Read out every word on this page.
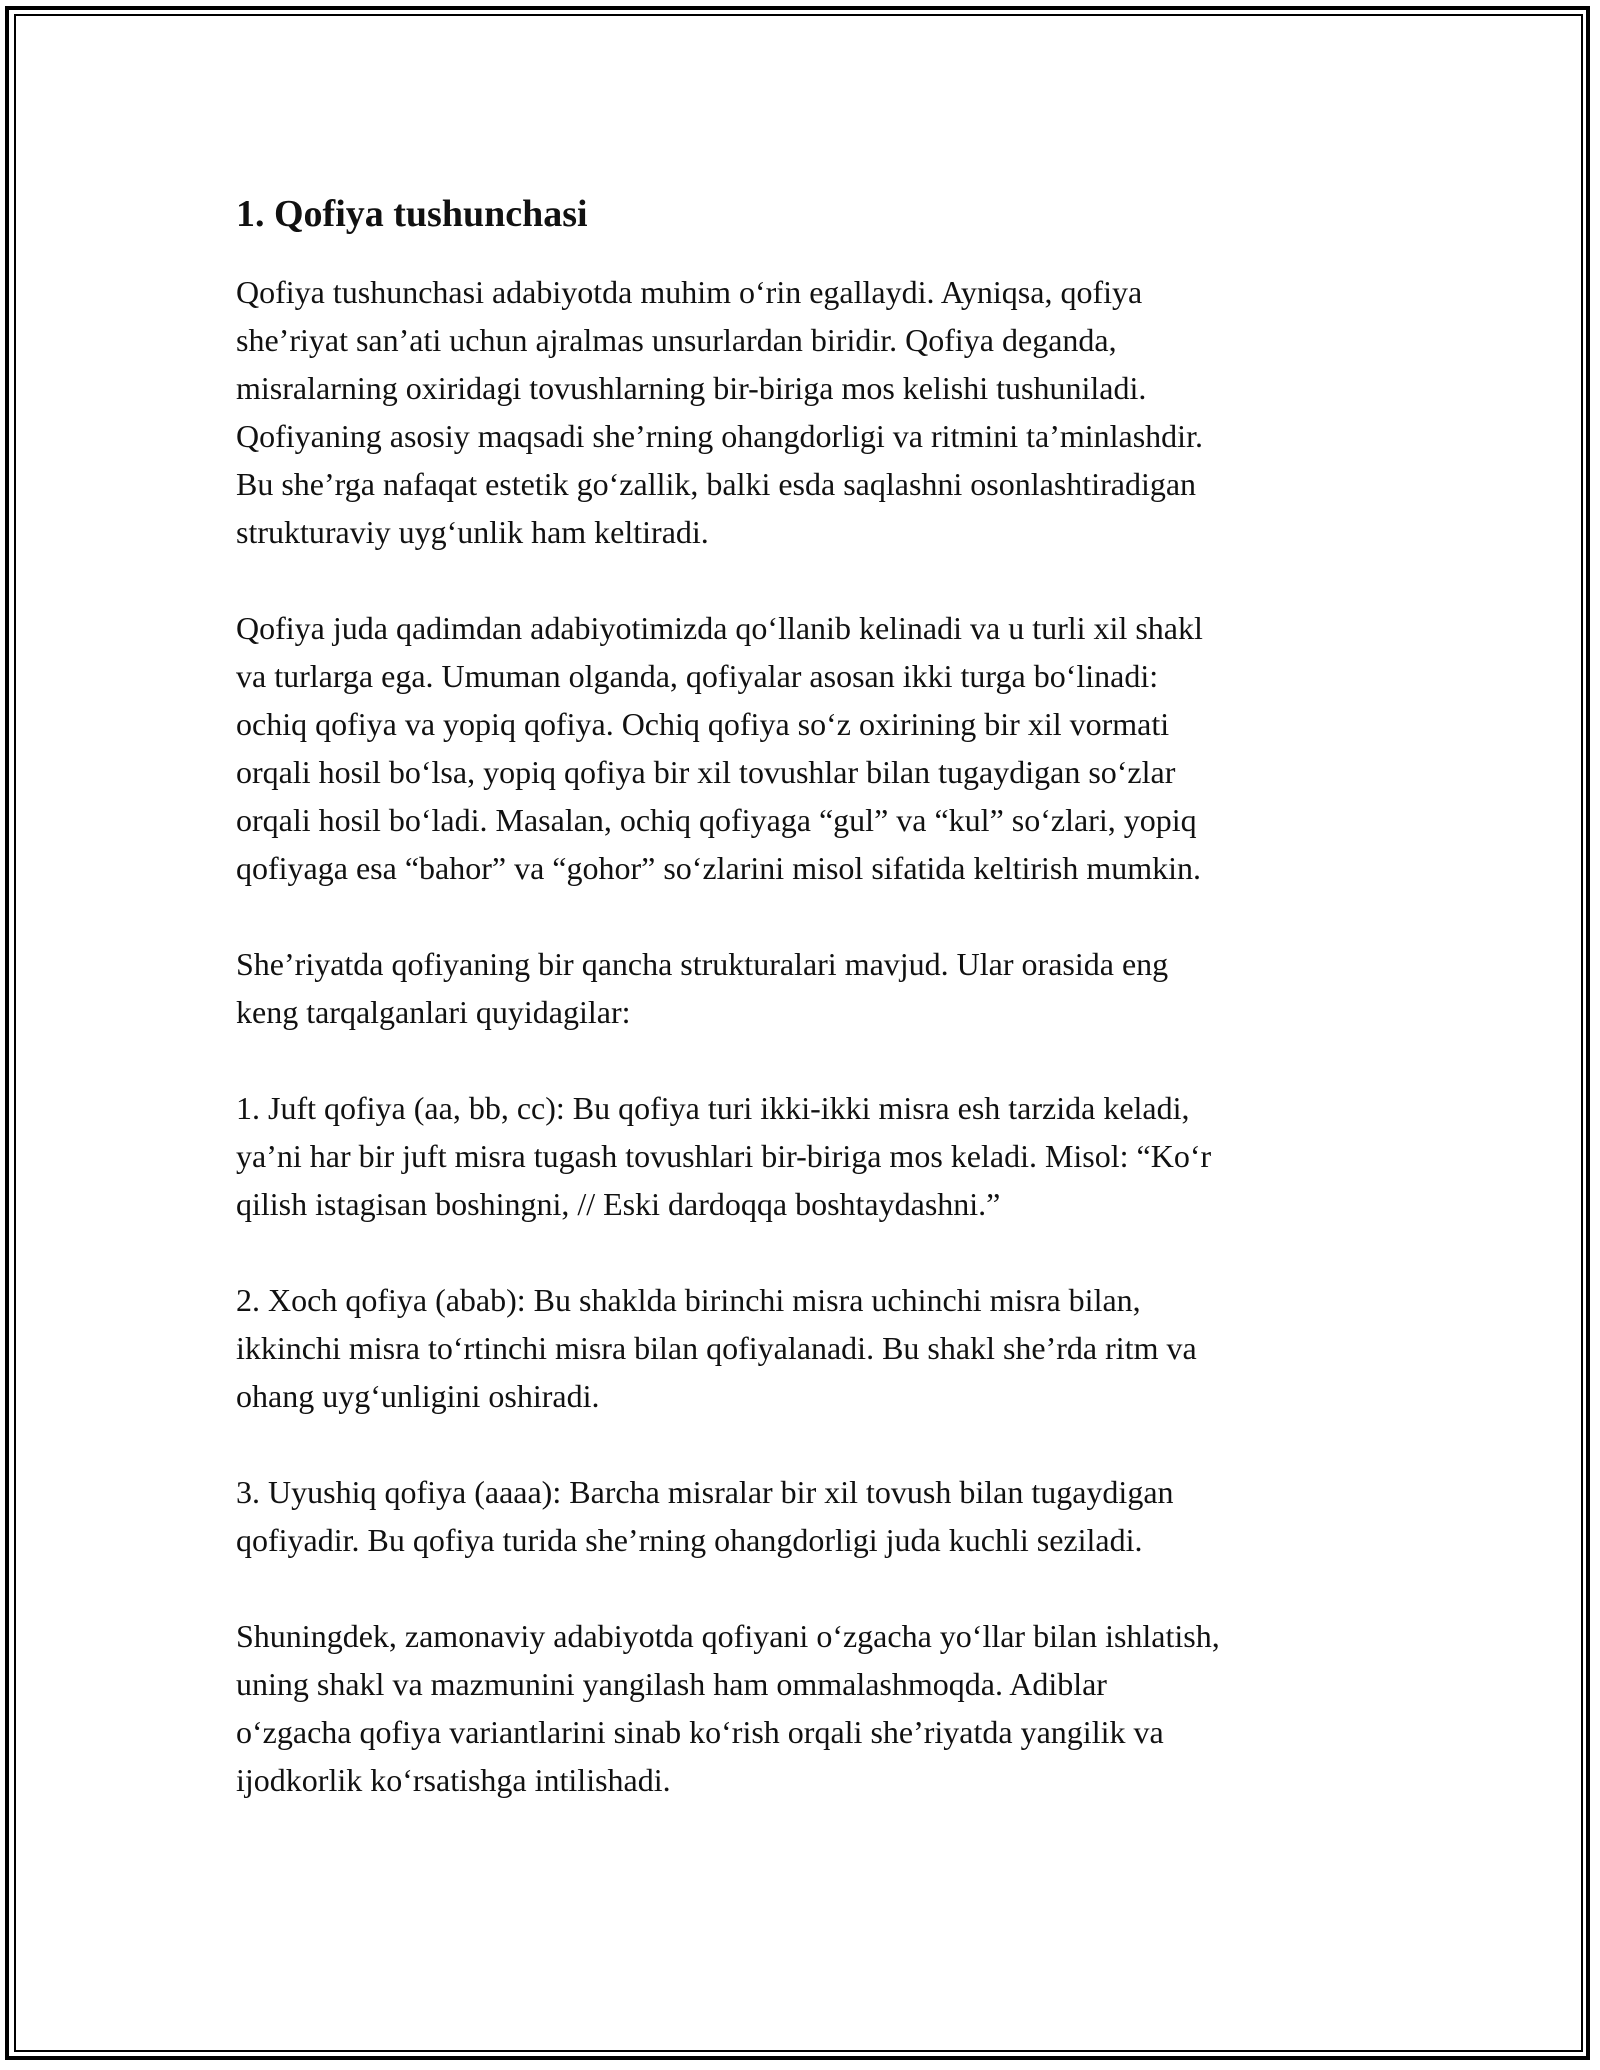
1. Qofiya tushunchasi

Qofiya tushunchasi adabiyotda muhim o‘rin egallaydi. Ayniqsa, qofiya
she’riyat san’ati uchun ajralmas unsurlardan biridir. Qofiya deganda,
misralarning oxiridagi tovushlarning bir-biriga mos kelishi tushuniladi.
Qofiyaning asosiy maqsadi she’rning ohangdorligi va ritmini ta’minlashdir.
Bu she’rga nafaqat estetik go‘zallik, balki esda saqlashni osonlashtiradigan
strukturaviy uyg‘unlik ham keltiradi.

Qofiya juda qadimdan adabiyotimizda qo‘llanib kelinadi va u turli xil shakl
va turlarga ega. Umuman olganda, qofiyalar asosan ikki turga bo‘linadi:
ochiq qofiya va yopiq qofiya. Ochiq qofiya so‘z oxirining bir xil vormati
orqali hosil bo‘lsa, yopiq qofiya bir xil tovushlar bilan tugaydigan so‘zlar
orqali hosil bo‘ladi. Masalan, ochiq qofiyaga “gul” va “kul” so‘zlari, yopiq
qofiyaga esa “bahor” va “gohor” so‘zlarini misol sifatida keltirish mumkin.

She’riyatda qofiyaning bir qancha strukturalari mavjud. Ular orasida eng
keng tarqalganlari quyidagilar:

1. Juft qofiya (aa, bb, cc): Bu qofiya turi ikki-ikki misra esh tarzida keladi,
ya’ni har bir juft misra tugash tovushlari bir-biriga mos keladi. Misol: “Ko‘r
qilish istagisan boshingni, // Eski dardoqqa boshtaydashni.”

2. Xoch qofiya (abab): Bu shaklda birinchi misra uchinchi misra bilan,
ikkinchi misra to‘rtinchi misra bilan qofiyalanadi. Bu shakl she’rda ritm va
ohang uyg‘unligini oshiradi.

3. Uyushiq qofiya (aaaa): Barcha misralar bir xil tovush bilan tugaydigan
qofiyadir. Bu qofiya turida she’rning ohangdorligi juda kuchli seziladi.

Shuningdek, zamonaviy adabiyotda qofiyani o‘zgacha yo‘llar bilan ishlatish,
uning shakl va mazmunini yangilash ham ommalashmoqda. Adiblar
o‘zgacha qofiya variantlarini sinab ko‘rish orqali she’riyatda yangilik va
ijodkorlik ko‘rsatishga intilishadi.
